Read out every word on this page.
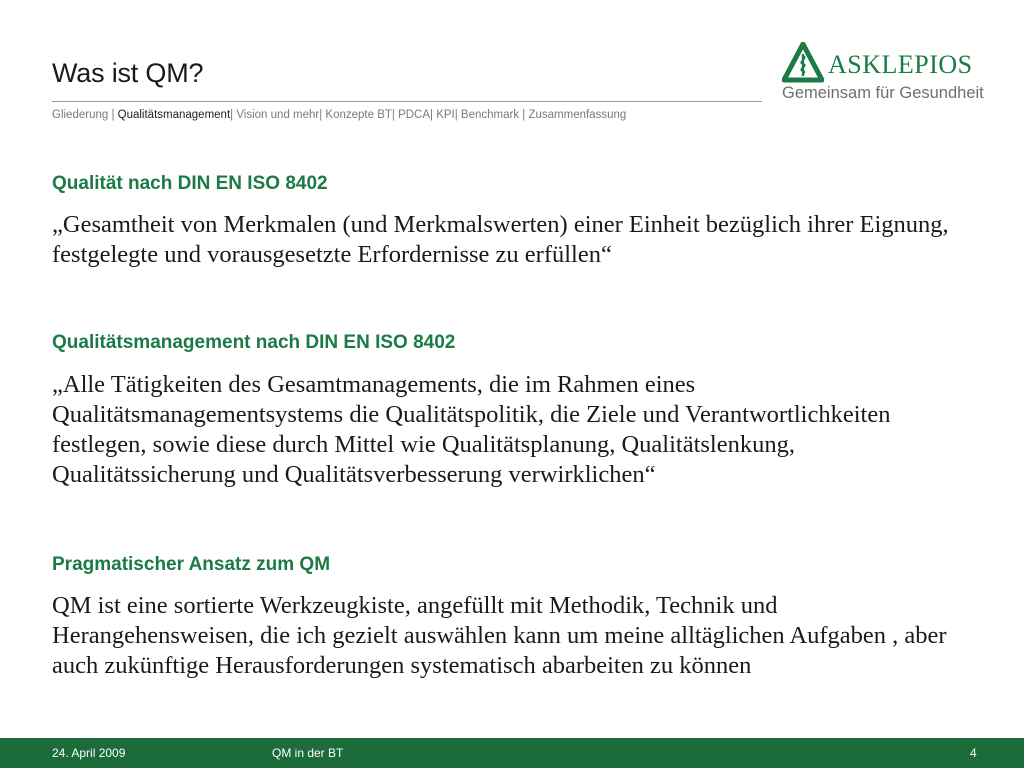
Was ist QM?
Gliederung | Qualitätsmanagement| Vision und mehr| Konzepte BT| PDCA| KPI| Benchmark | Zusammenfassung
ASKLEPIOS
Gemeinsam für Gesundheit
Qualität nach DIN EN ISO 8402
„Gesamtheit von Merkmalen (und Merkmalswerten) einer Einheit bezüglich ihrer Eignung, festgelegte und vorausgesetzte Erfordernisse zu erfüllen“
Qualitätsmanagement nach DIN EN ISO 8402
„Alle Tätigkeiten des Gesamtmanagements, die im Rahmen eines Qualitätsmanagementsystems die Qualitätspolitik, die Ziele und Verantwortlichkeiten festlegen, sowie diese durch Mittel wie Qualitätsplanung, Qualitätslenkung, Qualitätssicherung und Qualitätsverbesserung verwirklichen“
Pragmatischer Ansatz zum QM
QM ist eine sortierte Werkzeugkiste, angefüllt mit Methodik, Technik und Herangehensweisen, die ich gezielt auswählen kann um meine alltäglichen Aufgaben , aber auch zukünftige Herausforderungen systematisch abarbeiten zu können
24. April 2009	QM in der BT	4
